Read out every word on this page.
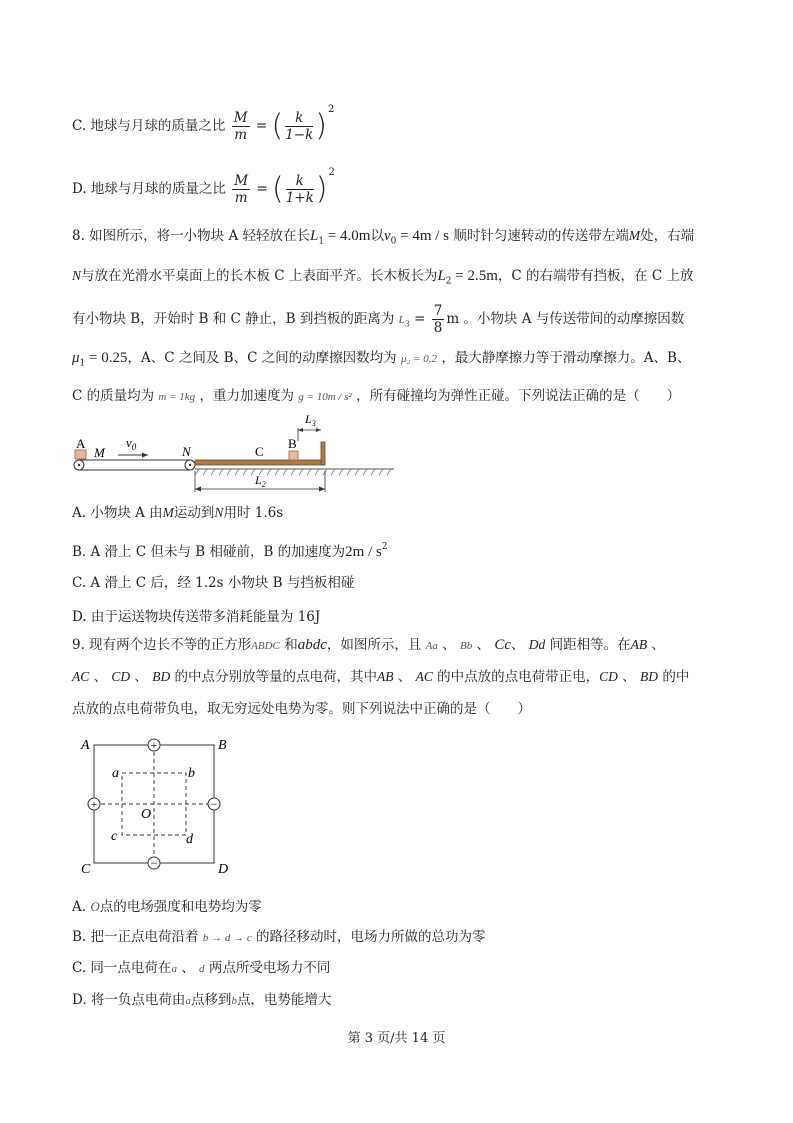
C. 地球与月球的质量之比 $\frac{M}{m}$ = ( $\frac{k}{1-k} )^2$
D. 地球与月球的质量之比 $\frac{M}{m}$ = ( $\frac{k}{1+k} )^2$
8. 如图所示，将一小物块 A 轻轻放在长$L_1 = 4.0m$以$v_0 = 4m / s$ 顺时针匀速转动的传送带左端M处，右端
N与放在光滑水平桌面上的长木板 C 上表面平齐。长木板长为$L_2 = 2.5m$，C 的右端带有挡板，在 C 上放
有小物块 B，开始时 B 和 C 静止，B 到挡板的距离为 $L_3 = \frac{7}{8}$ m 。小物块 A 与传送带间的动摩擦因数
$\mu_1 = 0.25$，A、C 之间及 B、C 之间的动摩擦因数均为 μ₂ = 0.2 ，最大静摩擦力等于滑动摩擦力。A、B、
C 的质量均为 m = 1kg ，重力加速度为 g = 10m / s² ，所有碰撞均为弹性正碰。下列说法正确的是（　　）
A
M
$v_0$	N	C
B
$L_3$
$L_2$
A. 小物块 A 由M运动到N用时 1.6s
B. A 滑上 C 但未与 B 相碰前，B 的加速度为$2m / s^2$
C. A 滑上 C 后，经 1.2s 小物块 B 与挡板相碰
D. 由于运送物块传送带多消耗能量为 16J
9. 现有两个边长不等的正方形ABDC 和abdc，如图所示，且 Aa 、 Bb 、 Cc、 Dd 间距相等。在AB 、
AC 、 CD 、 BD 的中点分别放等量的点电荷，其中AB 、 AC 的中点放的点电荷带正电，CD 、 BD 的中
点放的点电荷带负电，取无穷远处电势为零。则下列说法中正确的是（　　）
+
+	−
−
A	B
C	D
a	b
c	d
O
A. O点的电场强度和电势均为零
B. 把一正点电荷沿着 b → d → c 的路径移动时，电场力所做的总功为零
C. 同一点电荷在a 、 d 两点所受电场力不同
D. 将一负点电荷由a点移到b点，电势能增大
第 3 页/共 14 页
